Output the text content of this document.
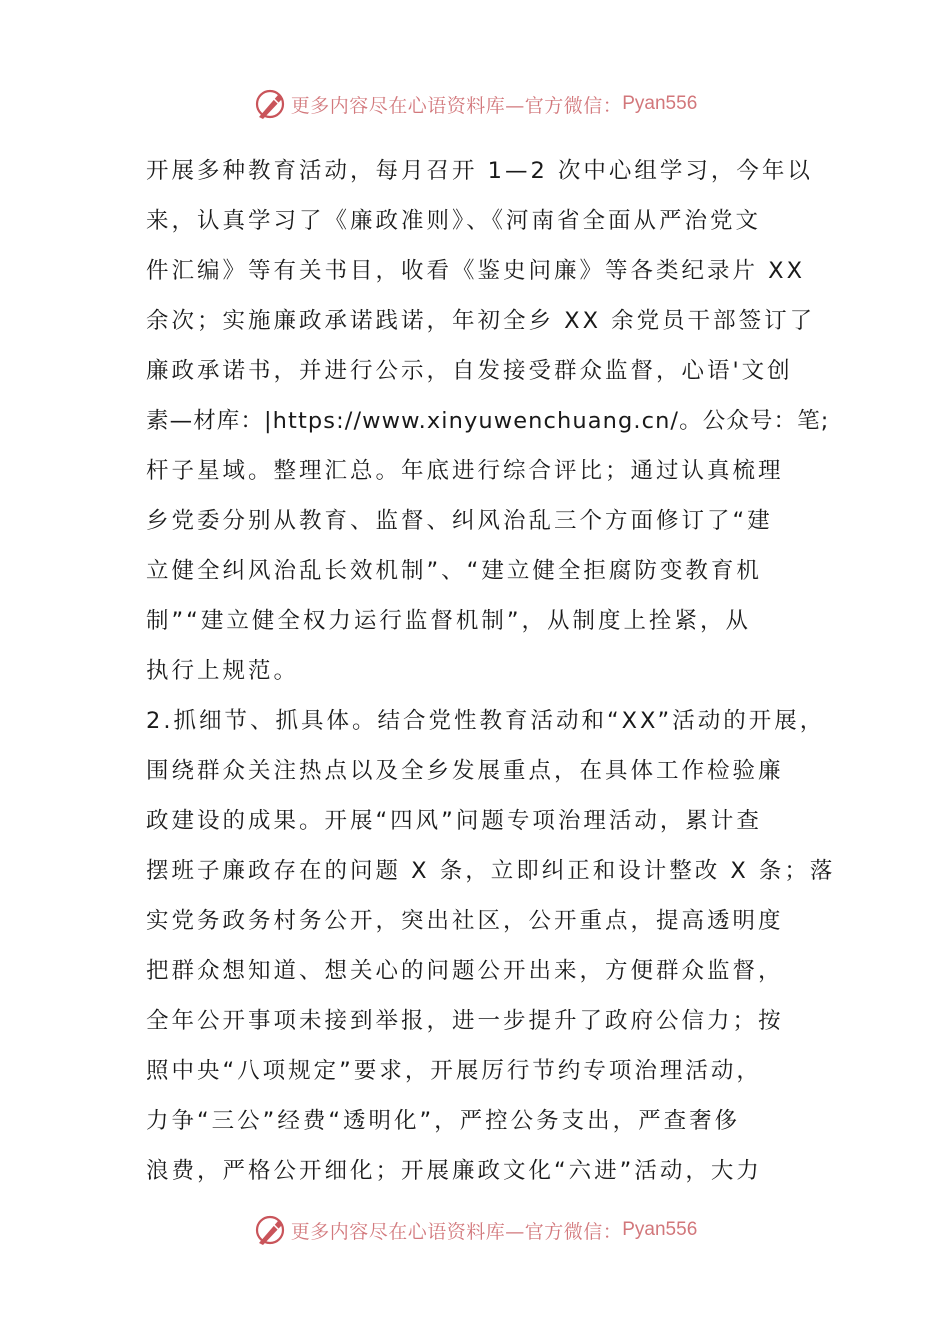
更多内容尽在心语资料库—官方微信： Pyan556
开展多种教育活动，每月召开 1—2 次中心组学习，今年以
来，认真学习了《廉政准则》、《河南省全面从严治党文
件汇编》等有关书目，收看《鉴史问廉》等各类纪录片 XX
余次；实施廉政承诺践诺，年初全乡 XX 余党员干部签订了
廉政承诺书，并进行公示，自发接受群众监督，心语'文创
素—材库：|https://www.xinyuwenchuang.cn/。公众号：笔;
杆子星域。整理汇总。年底进行综合评比；通过认真梳理
乡党委分别从教育、监督、纠风治乱三个方面修订了“建
立健全纠风治乱长效机制”、“建立健全拒腐防变教育机
制”“建立健全权力运行监督机制”，从制度上拴紧，从
执行上规范。
2.抓细节、抓具体。结合党性教育活动和“XX”活动的开展，
围绕群众关注热点以及全乡发展重点，在具体工作检验廉
政建设的成果。开展“四风”问题专项治理活动，累计查
摆班子廉政存在的问题 X 条，立即纠正和设计整改 X 条；落
实党务政务村务公开，突出社区，公开重点，提高透明度
把群众想知道、想关心的问题公开出来，方便群众监督，
全年公开事项未接到举报，进一步提升了政府公信力；按
照中央“八项规定”要求，开展厉行节约专项治理活动，
力争“三公”经费“透明化”，严控公务支出，严查奢侈
浪费，严格公开细化；开展廉政文化“六进”活动，大力
更多内容尽在心语资料库—官方微信： Pyan556
